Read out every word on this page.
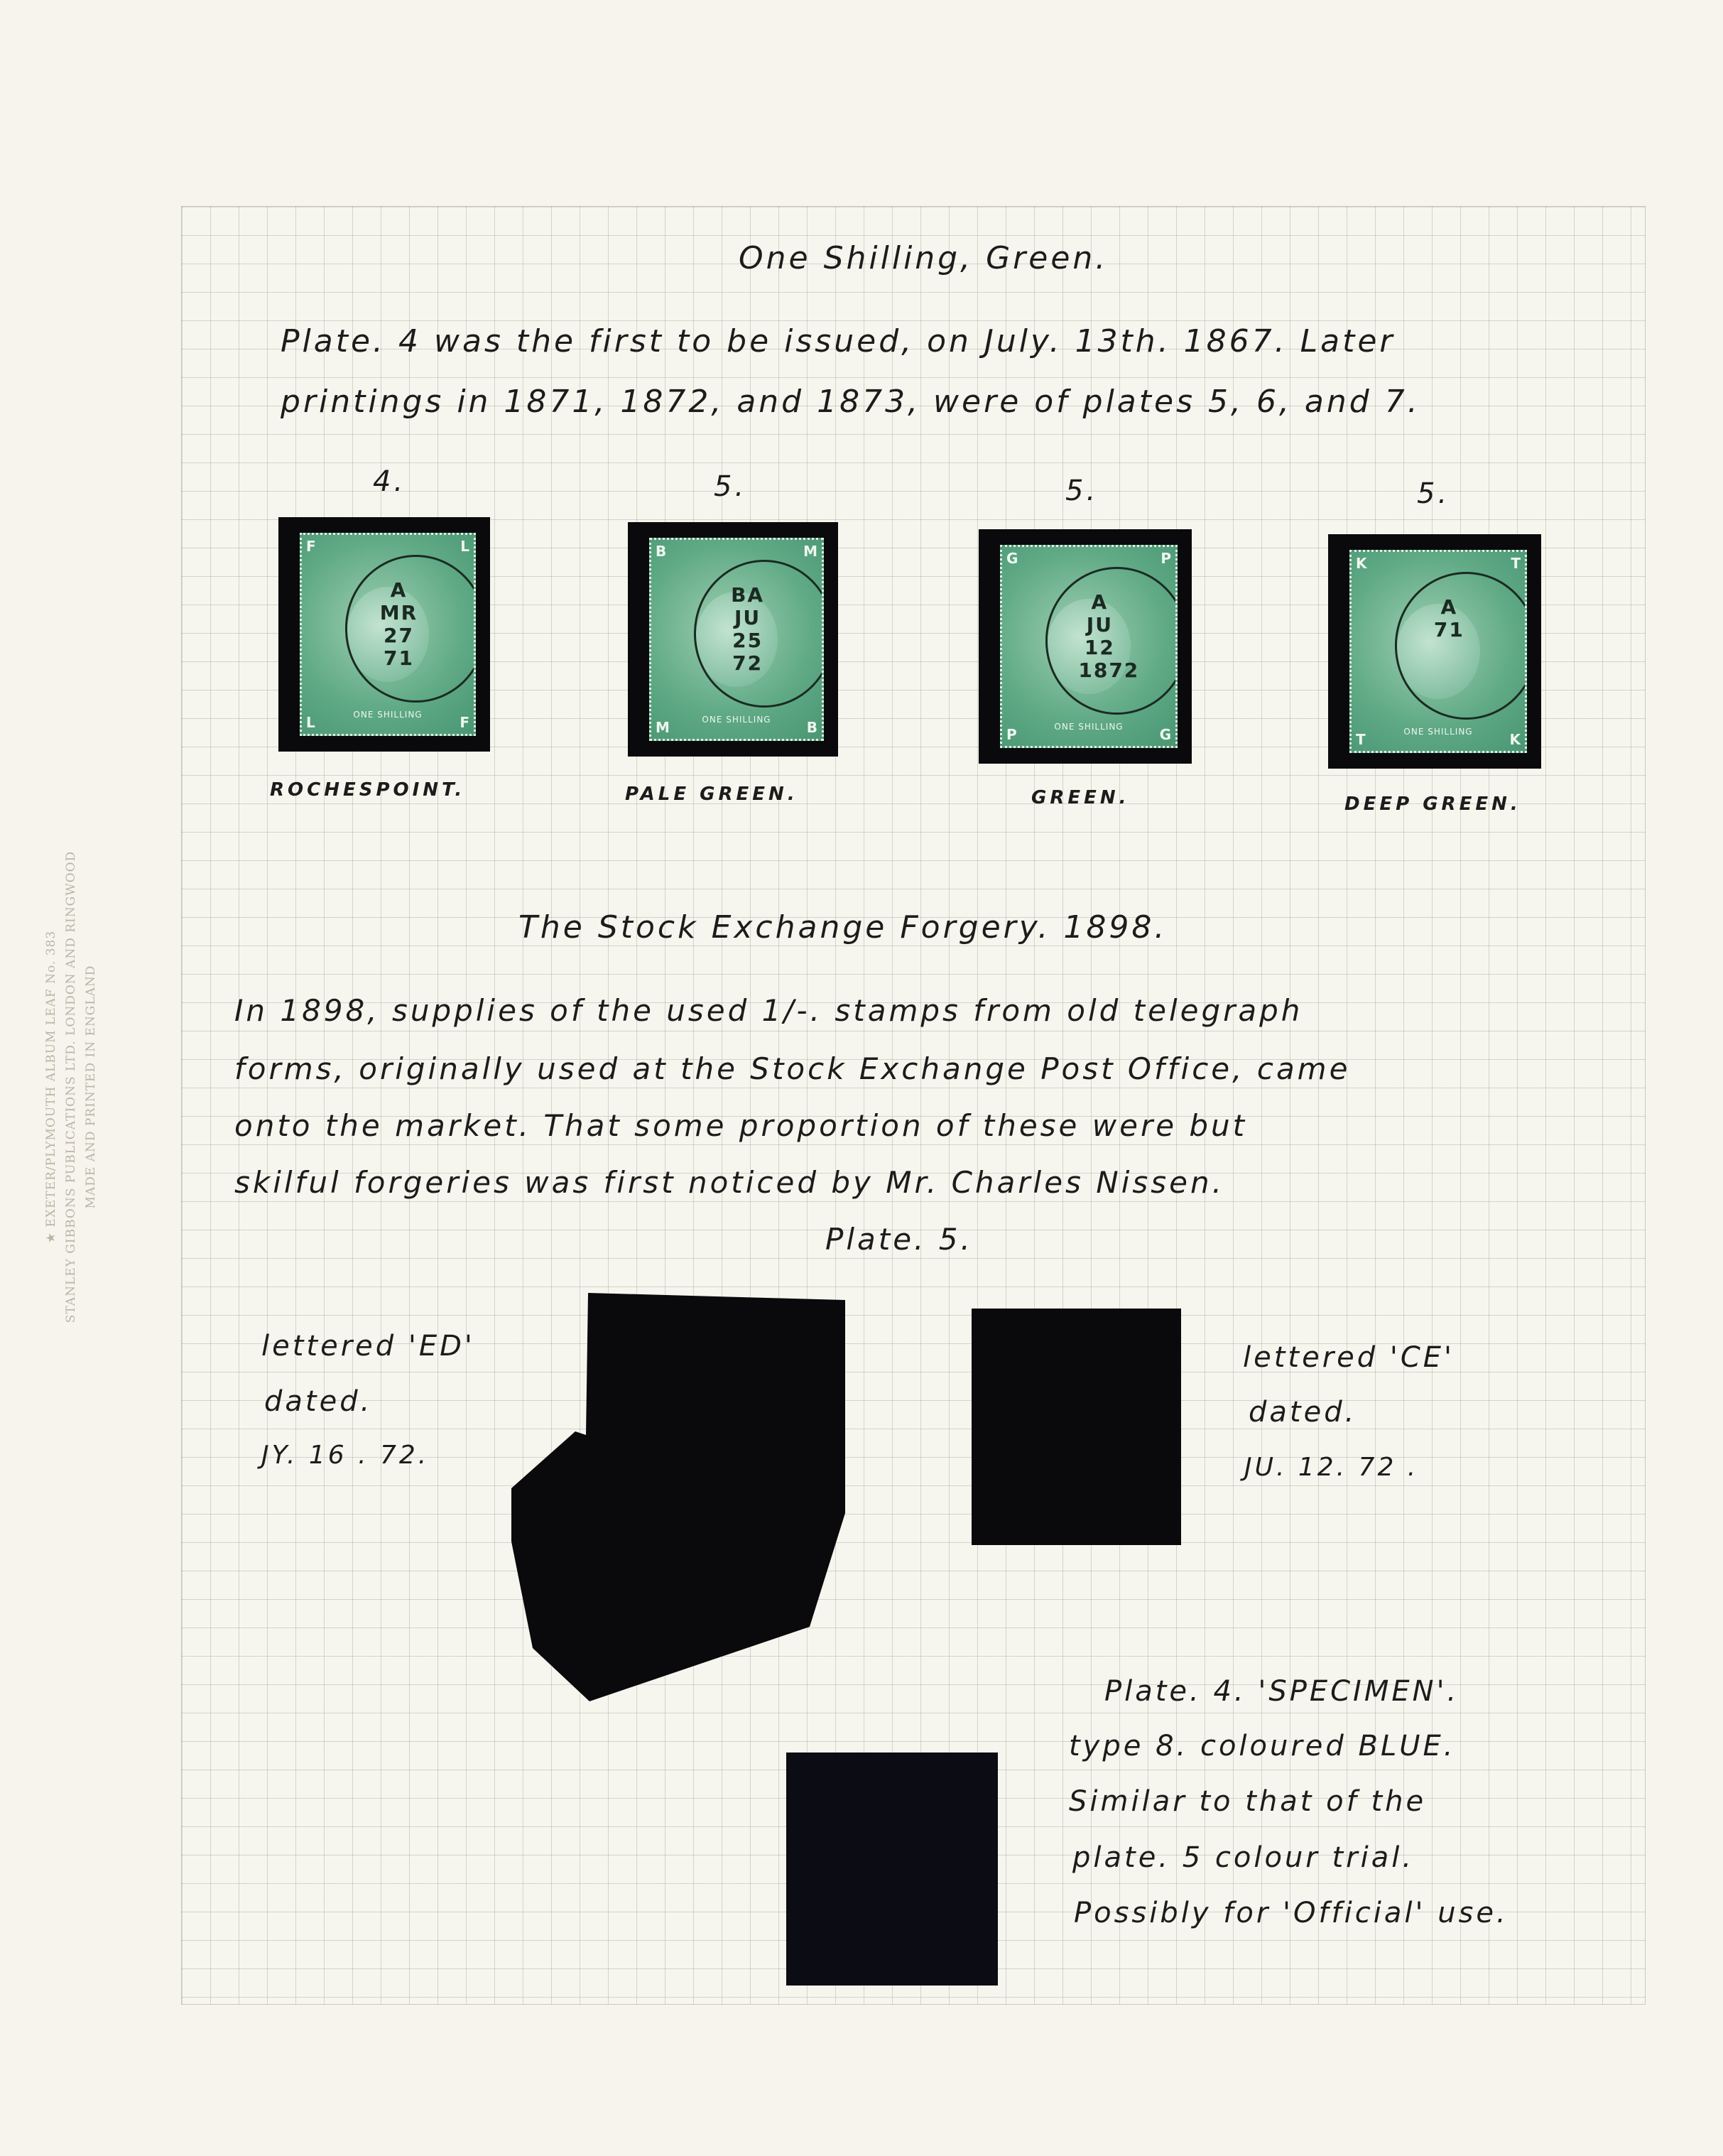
★ EXETER/PLYMOUTH ALBUM LEAF No. 383 STANLEY GIBBONS PUBLICATIONS LTD. LONDON AND RINGWOOD MADE AND PRINTED IN ENGLAND
One Shilling, Green.
Plate. 4 was the first to be issued, on July. 13th. 1867. Later
printings in 1871, 1872, and 1873, were of plates 5, 6, and 7.
4.
A MR 27 71
F	L
L	F
ONE SHILLING
ROCHESPOINT.
5.
BA JU 25 72
B	M
M	B
ONE SHILLING
PALE GREEN.
5.
A JU 12 1872
G	P
P	G
ONE SHILLING
GREEN.
5.
A 71
K	T
T	K
ONE SHILLING
DEEP GREEN.
The Stock Exchange Forgery. 1898.
In 1898, supplies of the used 1/-. stamps from old telegraph
forms, originally used at the Stock Exchange Post Office, came
onto the market. That some proportion of these were but
skilful forgeries was first noticed by Mr. Charles Nissen.
Plate. 5.
lettered 'ED'
dated.
JY. 16 . 72.
lettered 'CE'
dated.
JU. 12. 72 .
Plate. 4. 'SPECIMEN'.
type 8. coloured BLUE.
Similar to that of the
plate. 5 colour trial.
Possibly for 'Official' use.
